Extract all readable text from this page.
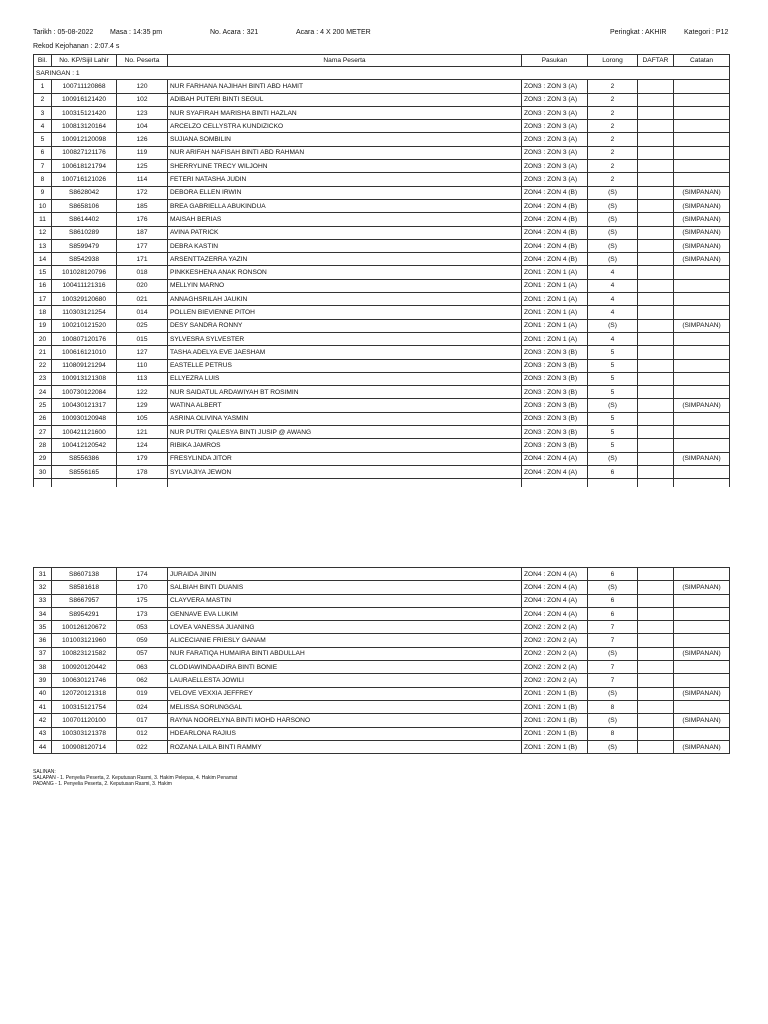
Tarikh : 05-08-2022 Masa : 14:35 pm	No. Acara : 321	Acara : 4 X 200 METER	Peringkat : AKHIR	Kategori : P12
Rekod Kejohanan : 2:07.4 s
Bil.	No. KP/Sijil Lahir	No. Peserta	Nama Peserta	Pasukan	Lorong	DAFTAR	Catatan
SARINGAN : 1							
1	100711120868	120	NUR FARHANA NAJIHAH BINTI ABD HAMIT	ZON3 : ZON 3 (A)	2		
2	100916121420	102	ADIBAH PUTERI BINTI SEGUL	ZON3 : ZON 3 (A)	2		
3	100315121420	123	NUR SYAFIRAH MARISHA BINTI HAZLAN	ZON3 : ZON 3 (A)	2		
4	100813120164	104	ARCELZO CELLYSTRA KUNDIZICKO	ZON3 : ZON 3 (A)	2		
5	100912120098	126	SUJIANA SOMBILIN	ZON3 : ZON 3 (A)	2		
6	100827121176	119	NUR ARIFAH NAFISAH BINTI ABD RAHMAN	ZON3 : ZON 3 (A)	2		
7	100618121794	125	SHERRYLINE TRECY WILJOHN	ZON3 : ZON 3 (A)	2		
8	100716121026	114	FETERI NATASHA JUDIN	ZON3 : ZON 3 (A)	2		
9	S8628042	172	DEBORA ELLEN IRWIN	ZON4 : ZON 4 (B)	(S)		(SIMPANAN)
10	S8658106	185	BREA GABRIELLA ABUKINDUA	ZON4 : ZON 4 (B)	(S)		(SIMPANAN)
11	S8614402	176	MAISAH BERIAS	ZON4 : ZON 4 (B)	(S)		(SIMPANAN)
12	S8610289	187	AVINA PATRICK	ZON4 : ZON 4 (B)	(S)		(SIMPANAN)
13	S8599479	177	DEBRA KASTIN	ZON4 : ZON 4 (B)	(S)		(SIMPANAN)
14	S8542938	171	ARSENTTAZERRA YAZIN	ZON4 : ZON 4 (B)	(S)		(SIMPANAN)
15	101028120796	018	PINKKESHENA ANAK RONSON	ZON1 : ZON 1 (A)	4		
16	100411121316	020	MELLYIN MARNO	ZON1 : ZON 1 (A)	4		
17	100329120680	021	ANNAGHSRILAH JAUKIN	ZON1 : ZON 1 (A)	4		
18	110303121254	014	POLLEN BIEVIENNE PITOH	ZON1 : ZON 1 (A)	4		
19	100210121520	025	DESY SANDRA RONNY	ZON1 : ZON 1 (A)	(S)		(SIMPANAN)
20	100807120176	015	SYLVESRA SYLVESTER	ZON1 : ZON 1 (A)	4		
21	100616121010	127	TASHA ADELYA EVE JAESHAM	ZON3 : ZON 3 (B)	5		
22	110809121294	110	EASTELLE PETRUS	ZON3 : ZON 3 (B)	5		
23	100913121308	113	ELLYEZRA LUIS	ZON3 : ZON 3 (B)	5		
24	100730122084	122	NUR SAIDATUL ARDAWIYAH BT ROSIMIN	ZON3 : ZON 3 (B)	5		
25	100430121317	129	WATINA ALBERT	ZON3 : ZON 3 (B)	(S)		(SIMPANAN)
26	100930120948	105	ASRINA OLIVINA YASMIN	ZON3 : ZON 3 (B)	5		
27	100421121600	121	NUR PUTRI QALESYA BINTI JUSIP @ AWANG	ZON3 : ZON 3 (B)	5		
28	100412120542	124	RIBIKA JAMROS	ZON3 : ZON 3 (B)	5		
29	S8556386	179	FRESYLINDA JITOR	ZON4 : ZON 4 (A)	(S)		(SIMPANAN)
30	S8556165	178	SYLVIAJIYA JEWON	ZON4 : ZON 4 (A)	6		

31	S8607138	174	JURAIDA JININ	ZON4 : ZON 4 (A)	6		
32	S8581618	170	SALBIAH BINTI DUANIS	ZON4 : ZON 4 (A)	(S)		(SIMPANAN)
33	S8667957	175	CLAYVERA MASTIN	ZON4 : ZON 4 (A)	6		
34	S8954291	173	GENNAVE EVA LUKIM	ZON4 : ZON 4 (A)	6		
35	100126120672	053	LOVEA VANESSA JUANING	ZON2 : ZON 2 (A)	7		
36	101003121960	059	ALICECIANIE FRIESLY GANAM	ZON2 : ZON 2 (A)	7		
37	100823121582	057	NUR FARATIQA HUMAIRA BINTI ABDULLAH	ZON2 : ZON 2 (A)	(S)		(SIMPANAN)
38	100920120442	063	CLODIAWINDAADIRA BINTI BONIE	ZON2 : ZON 2 (A)	7		
39	100630121746	062	LAURAELLESTA JOWILI	ZON2 : ZON 2 (A)	7		
40	120720121318	019	VELOVE VEXXIA JEFFREY	ZON1 : ZON 1 (B)	(S)		(SIMPANAN)
41	100315121754	024	MELISSA SORUNGGAL	ZON1 : ZON 1 (B)	8		
42	100701120100	017	RAYNA NOORELYNA BINTI MOHD HARSONO	ZON1 : ZON 1 (B)	(S)		(SIMPANAN)
43	100303121378	012	HDEARLONA RAJIUS	ZON1 : ZON 1 (B)	8		
44	100908120714	022	ROZANA LAILA BINTI RAMMY	ZON1 : ZON 1 (B)	(S)		(SIMPANAN)
SALINAN:
SALAPAN - 1. Penyelia Peserta, 2. Keputusan Rasmi, 3. Hakim Pelepas, 4. Hakim Penamat
PADANG - 1. Penyelia Peserta, 2. Keputusan Rasmi, 3. Hakim
